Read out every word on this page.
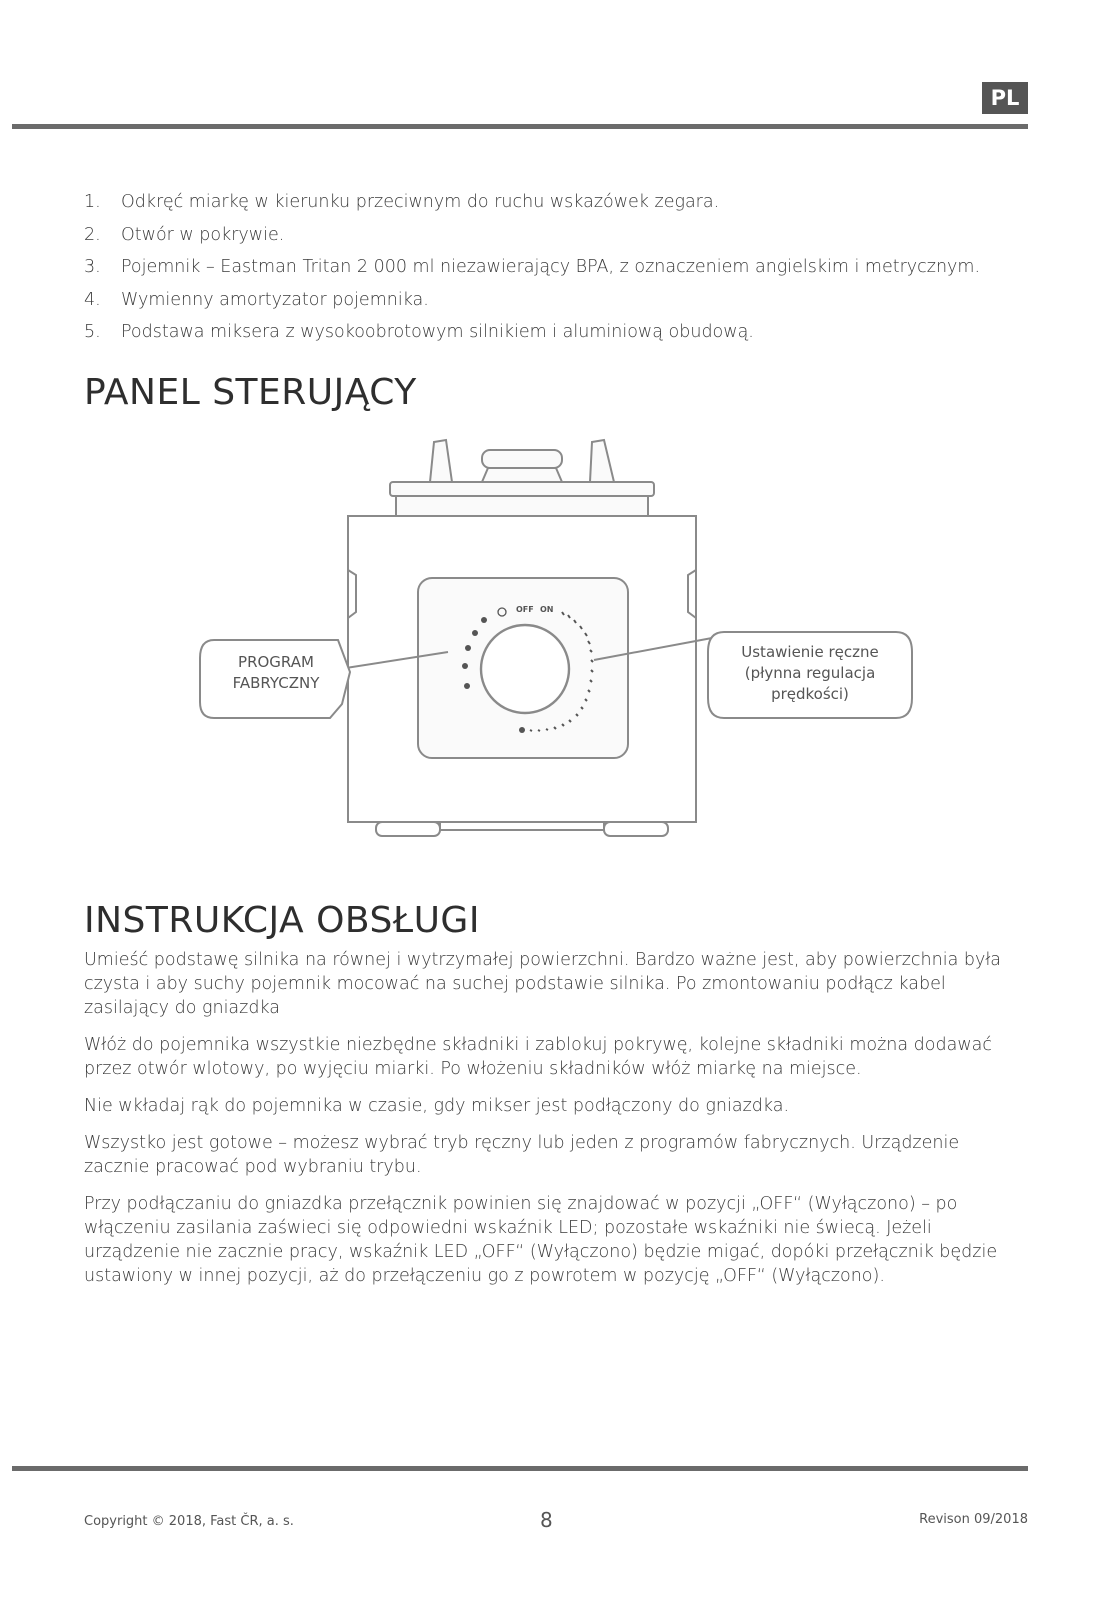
PL
1. Odkręć miarkę w kierunku przeciwnym do ruchu wskazówek zegara.
2. Otwór w pokrywie.
3. Pojemnik – Eastman Tritan 2 000 ml niezawierający BPA, z oznaczeniem angielskim i metrycznym.
4. Wymienny amortyzator pojemnika.
5. Podstawa miksera z wysokoobrotowym silnikiem i aluminiową obudową.
PANEL STERUJĄCY
OFF ON
PROGRAM
FABRYCZNY
Ustawienie ręczne
(płynna regulacja
prędkości)
INSTRUKCJA OBSŁUGI

Umieść podstawę silnika na równej i wytrzymałej powierzchni. Bardzo ważne jest, aby powierzchnia była czysta i aby suchy pojemnik mocować na suchej podstawie silnika. Po zmontowaniu podłącz kabel zasilający do gniazdka

Włóż do pojemnika wszystkie niezbędne składniki i zablokuj pokrywę, kolejne składniki można dodawać przez otwór wlotowy, po wyjęciu miarki. Po włożeniu składników włóż miarkę na miejsce.

Nie wkładaj rąk do pojemnika w czasie, gdy mikser jest podłączony do gniazdka.

Wszystko jest gotowe – możesz wybrać tryb ręczny lub jeden z programów fabrycznych. Urządzenie zacznie pracować pod wybraniu trybu.

Przy podłączaniu do gniazdka przełącznik powinien się znajdować w pozycji „OFF“ (Wyłączono) – po włączeniu zasilania zaświeci się odpowiedni wskaźnik LED; pozostałe wskaźniki nie świecą. Jeżeli urządzenie nie zacznie pracy, wskaźnik LED „OFF“ (Wyłączono) będzie migać, dopóki przełącznik będzie ustawiony w innej pozycji, aż do przełączeniu go z powrotem w pozycję „OFF“ (Wyłączono).

Copyright © 2018, Fast ČR, a. s.	8	Revison 09/2018
